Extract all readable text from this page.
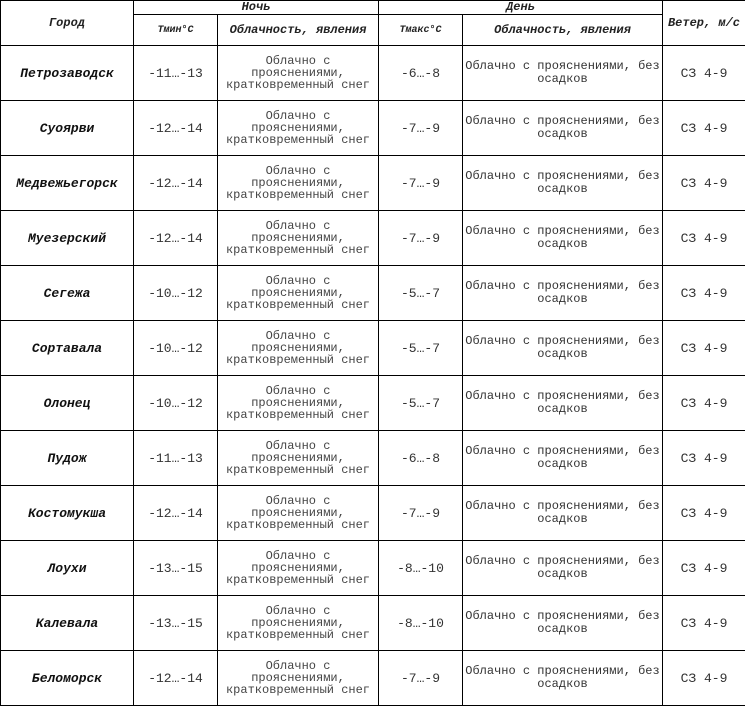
Город	Ночь		День		Ветер, м/с
	Тмин°С	Облачность, явления	Тмакс°С	Облачность, явления	
Петрозаводск	-11…-13	Облачно с прояснениями, кратковременный снег	-6…-8	Облачно с прояснениями, без осадков	СЗ 4-9
Суоярви	-12…-14	Облачно с прояснениями, кратковременный снег	-7…-9	Облачно с прояснениями, без осадков	СЗ 4-9
Медвежьегорск	-12…-14	Облачно с прояснениями, кратковременный снег	-7…-9	Облачно с прояснениями, без осадков	СЗ 4-9
Муезерский	-12…-14	Облачно с прояснениями, кратковременный снег	-7…-9	Облачно с прояснениями, без осадков	СЗ 4-9
Сегежа	-10…-12	Облачно с прояснениями, кратковременный снег	-5…-7	Облачно с прояснениями, без осадков	СЗ 4-9
Сортавала	-10…-12	Облачно с прояснениями, кратковременный снег	-5…-7	Облачно с прояснениями, без осадков	СЗ 4-9
Олонец	-10…-12	Облачно с прояснениями, кратковременный снег	-5…-7	Облачно с прояснениями, без осадков	СЗ 4-9
Пудож	-11…-13	Облачно с прояснениями, кратковременный снег	-6…-8	Облачно с прояснениями, без осадков	СЗ 4-9
Костомукша	-12…-14	Облачно с прояснениями, кратковременный снег	-7…-9	Облачно с прояснениями, без осадков	СЗ 4-9
Лоухи	-13…-15	Облачно с прояснениями, кратковременный снег	-8…-10	Облачно с прояснениями, без осадков	СЗ 4-9
Калевала	-13…-15	Облачно с прояснениями, кратковременный снег	-8…-10	Облачно с прояснениями, без осадков	СЗ 4-9
Беломорск	-12…-14	Облачно с прояснениями, кратковременный снег	-7…-9	Облачно с прояснениями, без осадков	СЗ 4-9
